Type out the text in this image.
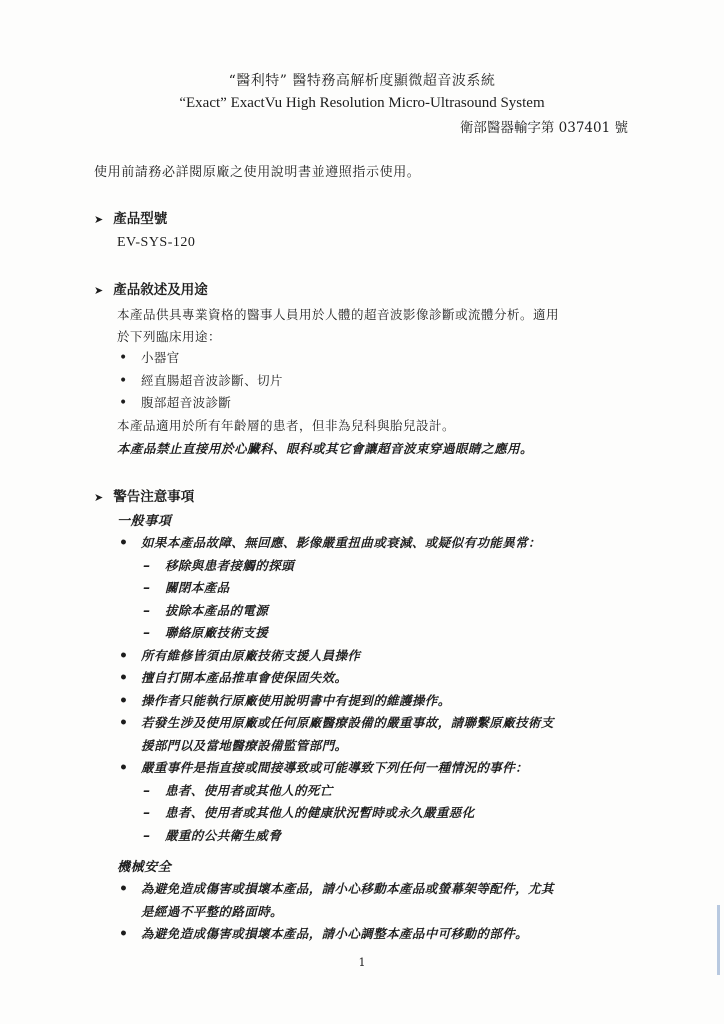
“醫利特” 醫特務高解析度顯微超音波系統
“Exact” ExactVu High Resolution Micro-Ultrasound System
衛部醫器輸字第 037401 號
使用前請務必詳閱原廠之使用說明書並遵照指示使用。
➤ 產品型號
EV-SYS-120
➤ 產品敘述及用途
本產品供具專業資格的醫事人員用於人體的超音波影像診斷或流體分析。適用
於下列臨床用途：
• 小器官
• 經直腸超音波診斷、切片
• 腹部超音波診斷
本產品適用於所有年齡層的患者，但非為兒科與胎兒設計。
本產品禁止直接用於心臟科、眼科或其它會讓超音波束穿過眼睛之應用。
➤ 警告注意事項
一般事項
• 如果本產品故障、無回應、影像嚴重扭曲或衰減、或疑似有功能異常：
– 移除與患者接觸的探頭
– 關閉本產品
– 拔除本產品的電源
– 聯絡原廠技術支援
• 所有維修皆須由原廠技術支援人員操作
• 擅自打開本產品推車會使保固失效。
• 操作者只能執行原廠使用說明書中有提到的維護操作。
• 若發生涉及使用原廠或任何原廠醫療設備的嚴重事故，請聯繫原廠技術支
援部門以及當地醫療設備監管部門。
• 嚴重事件是指直接或間接導致或可能導致下列任何一種情況的事件：
– 患者、使用者或其他人的死亡
– 患者、使用者或其他人的健康狀況暫時或永久嚴重惡化
– 嚴重的公共衛生威脅
機械安全
• 為避免造成傷害或損壞本產品，請小心移動本產品或螢幕架等配件，尤其
是經過不平整的路面時。
• 為避免造成傷害或損壞本產品，請小心調整本產品中可移動的部件。
1
